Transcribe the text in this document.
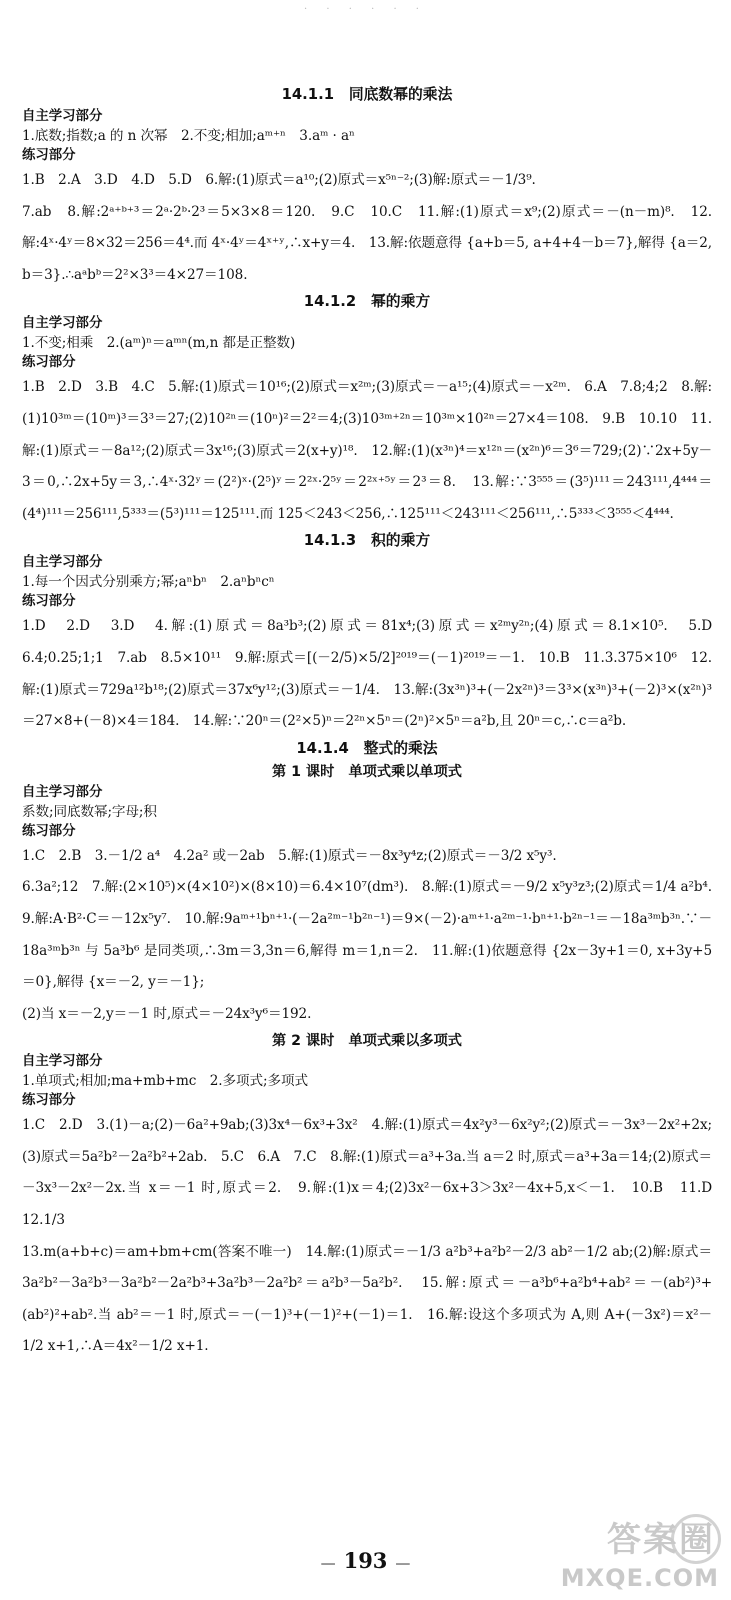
· · · · · ·
14.1.1　同底数幂的乘法
自主学习部分
1.底数;指数;a 的 n 次幂　2.不变;相加;aᵐ⁺ⁿ　3.aᵐ · aⁿ
练习部分
1.B　2.A　3.D　4.D　5.D　6.解:(1)原式＝a¹⁰;(2)原式＝x⁵ⁿ⁻²;(3)解:原式＝－1/3⁹.
7.ab　8.解:2ᵃ⁺ᵇ⁺³＝2ᵃ·2ᵇ·2³＝5×3×8＝120.　9.C　10.C　11.解:(1)原式＝x⁹;(2)原式＝－(n－m)⁸.　12.解:4ˣ·4ʸ＝8×32＝256＝4⁴.而 4ˣ·4ʸ＝4ˣ⁺ʸ,∴x+y＝4.　13.解:依题意得 {a+b＝5, a+4+4－b＝7},解得 {a＝2, b＝3}.∴aᵃbᵇ＝2²×3³＝4×27＝108.
14.1.2　幂的乘方
自主学习部分
1.不变;相乘　2.(aᵐ)ⁿ＝aᵐⁿ(m,n 都是正整数)
练习部分
1.B　2.D　3.B　4.C　5.解:(1)原式＝10¹⁶;(2)原式＝x²ᵐ;(3)原式＝－a¹⁵;(4)原式＝－x²ᵐ.　6.A　7.8;4;2　8.解:(1)10³ᵐ＝(10ᵐ)³＝3³＝27;(2)10²ⁿ＝(10ⁿ)²＝2²＝4;(3)10³ᵐ⁺²ⁿ＝10³ᵐ×10²ⁿ＝27×4＝108.　9.B　10.10　11.解:(1)原式＝－8a¹²;(2)原式＝3x¹⁶;(3)原式＝2(x+y)¹⁸.　12.解:(1)(x³ⁿ)⁴＝x¹²ⁿ＝(x²ⁿ)⁶＝3⁶＝729;(2)∵2x+5y－3＝0,∴2x+5y＝3,∴4ˣ·32ʸ＝(2²)ˣ·(2⁵)ʸ＝2²ˣ·2⁵ʸ＝2²ˣ⁺⁵ʸ＝2³＝8.　13.解:∵3⁵⁵⁵＝(3⁵)¹¹¹＝243¹¹¹,4⁴⁴⁴＝(4⁴)¹¹¹＝256¹¹¹,5³³³＝(5³)¹¹¹＝125¹¹¹.而 125＜243＜256,∴125¹¹¹＜243¹¹¹＜256¹¹¹,∴5³³³＜3⁵⁵⁵＜4⁴⁴⁴.
14.1.3　积的乘方
自主学习部分
1.每一个因式分别乘方;幂;aⁿbⁿ　2.aⁿbⁿcⁿ
练习部分
1.D　2.D　3.D　4.解:(1)原式＝8a³b³;(2)原式＝81x⁴;(3)原式＝x²ᵐy²ⁿ;(4)原式＝8.1×10⁵.　5.D　6.4;0.25;1;1　7.ab　8.5×10¹¹　9.解:原式＝[(－2/5)×5/2]²⁰¹⁹＝(－1)²⁰¹⁹＝－1.　10.B　11.3.375×10⁶　12.解:(1)原式＝729a¹²b¹⁸;(2)原式＝37x⁶y¹²;(3)原式＝－1/4.　13.解:(3x³ⁿ)³+(－2x²ⁿ)³＝3³×(x³ⁿ)³+(－2)³×(x²ⁿ)³＝27×8+(－8)×4＝184.　14.解:∵20ⁿ＝(2²×5)ⁿ＝2²ⁿ×5ⁿ＝(2ⁿ)²×5ⁿ＝a²b,且 20ⁿ＝c,∴c＝a²b.
14.1.4　整式的乘法
第 1 课时　单项式乘以单项式
自主学习部分
系数;同底数幂;字母;积
练习部分
1.C　2.B　3.－1/2 a⁴　4.2a² 或－2ab　5.解:(1)原式＝－8x³y⁴z;(2)原式＝－3/2 x⁵y³.
6.3a²;12　7.解:(2×10⁵)×(4×10²)×(8×10)＝6.4×10⁷(dm³).　8.解:(1)原式＝－9/2 x⁵y³z³;(2)原式＝1/4 a²b⁴.　9.解:A·B²·C＝－12x⁵y⁷.　10.解:9aᵐ⁺¹bⁿ⁺¹·(－2a²ᵐ⁻¹b²ⁿ⁻¹)＝9×(－2)·aᵐ⁺¹·a²ᵐ⁻¹·bⁿ⁺¹·b²ⁿ⁻¹＝－18a³ᵐb³ⁿ.∵－18a³ᵐb³ⁿ 与 5a³b⁶ 是同类项,∴3m＝3,3n＝6,解得 m＝1,n＝2.　11.解:(1)依题意得 {2x－3y+1＝0, x+3y+5＝0},解得 {x＝－2, y＝－1};
(2)当 x＝－2,y＝－1 时,原式＝－24x³y⁶＝192.
第 2 课时　单项式乘以多项式
自主学习部分
1.单项式;相加;ma+mb+mc　2.多项式;多项式
练习部分
1.C　2.D　3.(1)－a;(2)－6a²+9ab;(3)3x⁴－6x³+3x²　4.解:(1)原式＝4x²y³－6x²y²;(2)原式＝－3x³－2x²+2x;(3)原式＝5a²b²－2a²b²+2ab.　5.C　6.A　7.C　8.解:(1)原式＝a³+3a.当 a＝2 时,原式＝a³+3a＝14;(2)原式＝－3x³－2x²－2x.当 x＝－1 时,原式＝2.　9.解:(1)x＝4;(2)3x²－6x+3＞3x²－4x+5,x＜－1.　10.B　11.D　12.1/3
13.m(a+b+c)＝am+bm+cm(答案不唯一)　14.解:(1)原式＝－1/3 a²b³+a²b²－2/3 ab²－1/2 ab;(2)解:原式＝3a²b²－3a²b³－3a²b²－2a²b³+3a²b³－2a²b²＝a²b³－5a²b².　15.解:原式＝－a³b⁶+a²b⁴+ab²＝－(ab²)³+(ab²)²+ab².当 ab²＝－1 时,原式＝－(－1)³+(－1)²+(－1)＝1.　16.解:设这个多项式为 A,则 A+(－3x²)＝x²－1/2 x+1,∴A＝4x²－1/2 x+1.
— 193 —
答案圈
MXQE.COM
